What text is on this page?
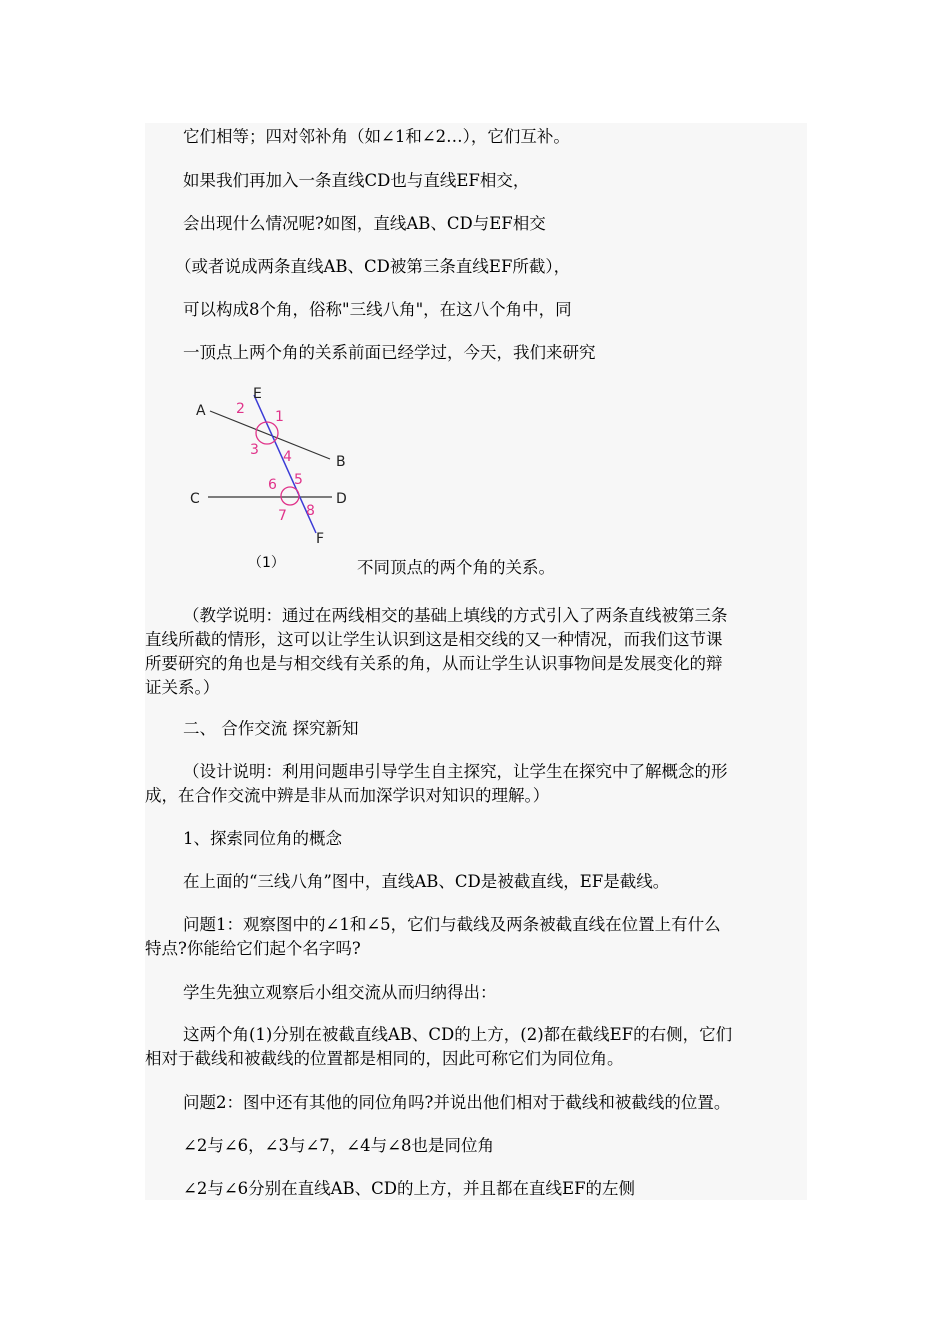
它们相等；四对邻补角（如∠1和∠2…），它们互补。
如果我们再加入一条直线CD也与直线EF相交，
会出现什么情况呢?如图，直线AB、CD与EF相交
（或者说成两条直线AB、CD被第三条直线EF所截），
可以构成8个角，俗称"三线八角"，在这八个角中，同
一顶点上两个角的关系前面已经学过，今天，我们来研究
A
B
C	D
E
F
1
2
3 4
5
6
7 8
（1）	不同顶点的两个角的关系。
（教学说明：通过在两线相交的基础上填线的方式引入了两条直线被第三条
直线所截的情形，这可以让学生认识到这是相交线的又一种情况，而我们这节课
所要研究的角也是与相交线有关系的角，从而让学生认识事物间是发展变化的辩
证关系。）
二、 合作交流 探究新知
（设计说明：利用问题串引导学生自主探究，让学生在探究中了解概念的形
成，在合作交流中辨是非从而加深学识对知识的理解。）
1、探索同位角的概念
在上面的“三线八角”图中，直线AB、CD是被截直线，EF是截线。
问题1：观察图中的∠1和∠5，它们与截线及两条被截直线在位置上有什么
特点?你能给它们起个名字吗?
学生先独立观察后小组交流从而归纳得出：
这两个角(1)分别在被截直线AB、CD的上方，(2)都在截线EF的右侧，它们
相对于截线和被截线的位置都是相同的，因此可称它们为同位角。
问题2：图中还有其他的同位角吗?并说出他们相对于截线和被截线的位置。
∠2与∠6，∠3与∠7，∠4与∠8也是同位角
∠2与∠6分别在直线AB、CD的上方，并且都在直线EF的左侧
